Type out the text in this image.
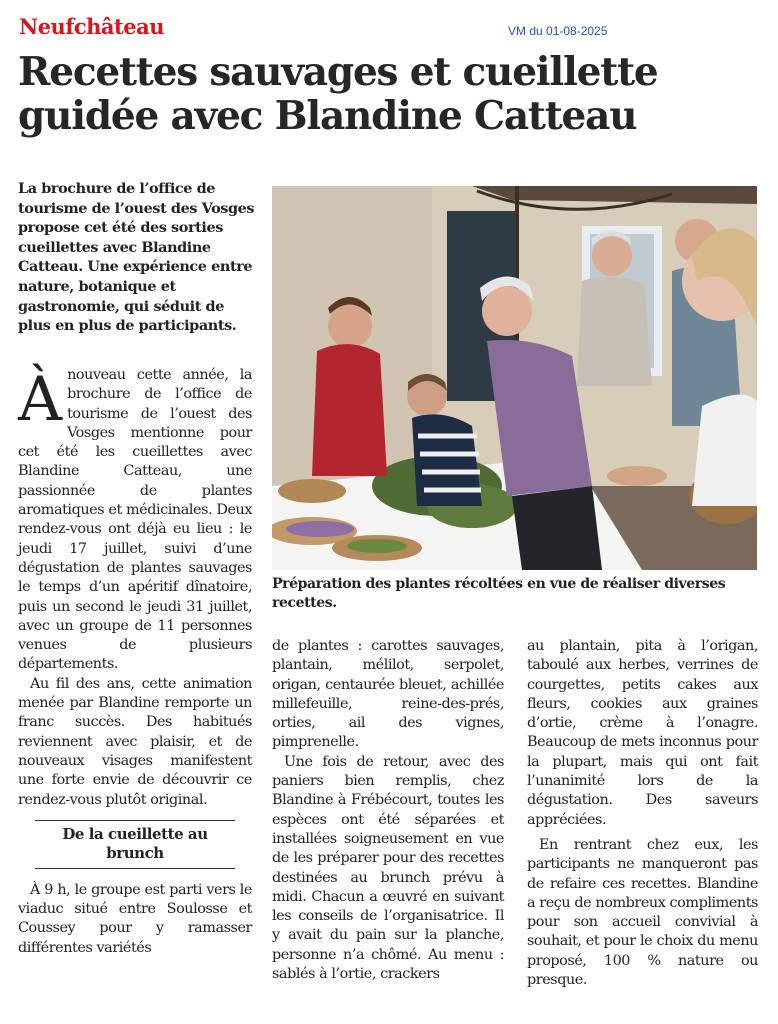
Neufchâteau	VM du 01-08-2025
Recettes sauvages et cueillette guidée avec Blandine Catteau

La brochure de l’office de tourisme de l’ouest des Vosges propose cet été des sorties cueillettes avec Blandine Catteau. Une expérience entre nature, botanique et gastronomie, qui séduit de plus en plus de participants.

Ànouveau cette année, la brochure de l’office de tourisme de l’ouest des Vosges mentionne pour cet été les cueillettes avec Blandine Catteau, une passionnée de plantes aromatiques et médicinales. Deux rendez-vous ont déjà eu lieu : le jeudi 17 juillet, suivi d’une dégustation de plantes sauvages le temps d’un apéritif dînatoire, puis un second le jeudi 31 juillet, avec un groupe de 11 personnes venues de plusieurs départements.

Au fil des ans, cette animation menée par Blandine remporte un franc succès. Des habitués reviennent avec plaisir, et de nouveaux visages manifestent une forte envie de découvrir ce rendez-vous plutôt original.

De la cueillette au brunch

À 9 h, le groupe est parti vers le viaduc situé entre Soulosse et Coussey pour y ramasser différentes variétés

Préparation des plantes récoltées en vue de réaliser diverses recettes.

de plantes : carottes sauvages, plantain, mélilot, serpolet, origan, centaurée bleuet, achillée millefeuille, reine-des-prés, orties, ail des vignes, pimprenelle.

Une fois de retour, avec des paniers bien remplis, chez Blandine à Frébécourt, toutes les espèces ont été séparées et installées soigneusement en vue de les préparer pour des recettes destinées au brunch prévu à midi. Chacun a œuvré en suivant les conseils de l’organisatrice. Il y avait du pain sur la planche, personne n’a chômé. Au menu : sablés à l’ortie, crackers

au plantain, pita à l’origan, taboulé aux herbes, verrines de courgettes, petits cakes aux fleurs, cookies aux graines d’ortie, crème à l’onagre. Beaucoup de mets inconnus pour la plupart, mais qui ont fait l’unanimité lors de la dégustation. Des saveurs appréciées.

En rentrant chez eux, les participants ne manqueront pas de refaire ces recettes. Blandine a reçu de nombreux compliments pour son accueil convivial à souhait, et pour le choix du menu proposé, 100 % nature ou presque.
